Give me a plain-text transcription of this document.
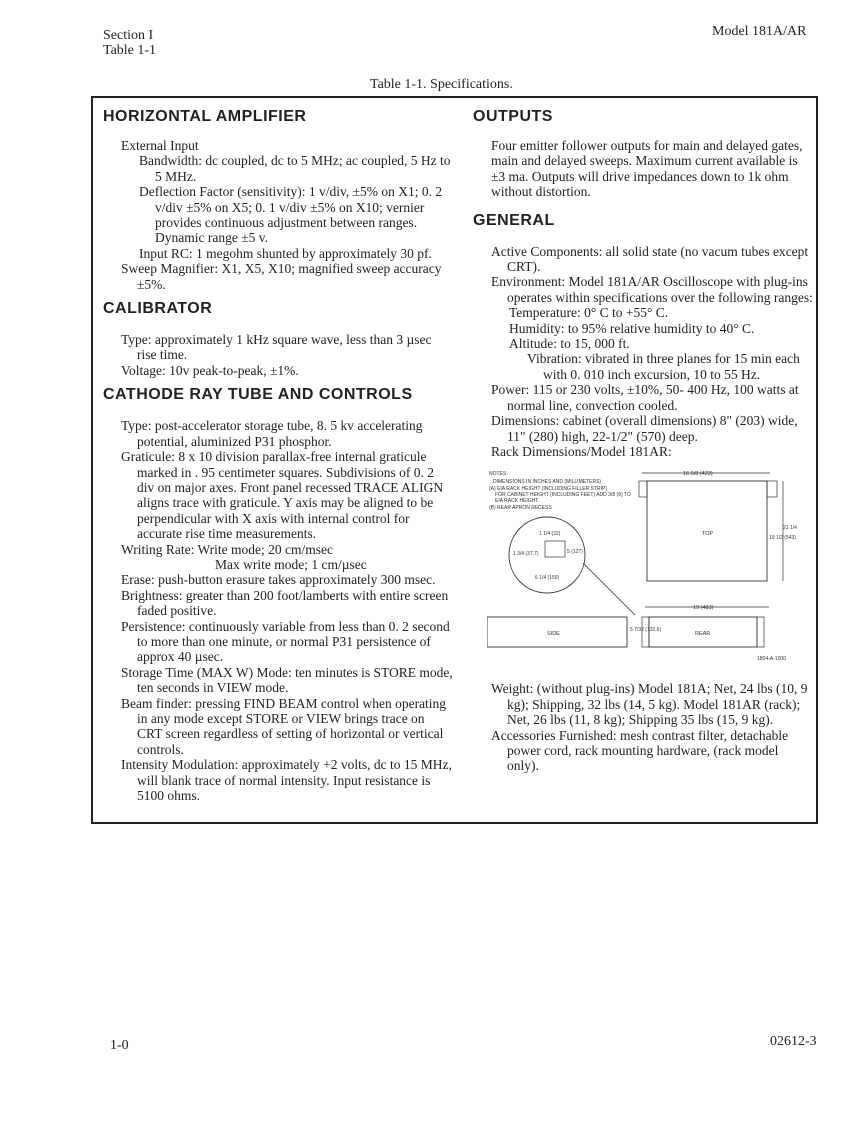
Section I
Table 1-1
Model 181A/AR
Table 1-1. Specifications.
HORIZONTAL AMPLIFIER

External Input

Bandwidth: dc coupled, dc to 5 MHz; ac coupled, 5 Hz to 5 MHz.

Deflection Factor (sensitivity): 1 v/div, ±5% on X1; 0. 2 v/div ±5% on X5; 0. 1 v/div ±5% on X10; vernier provides continuous adjustment between ranges. Dynamic range ±5 v.

Input RC: 1 megohm shunted by approximately 30 pf.

Sweep Magnifier: X1, X5, X10; magnified sweep accuracy ±5%.

CALIBRATOR

Type: approximately 1 kHz square wave, less than 3 µsec rise time.

Voltage: 10v peak-to-peak, ±1%.

CATHODE RAY TUBE AND CONTROLS

Type: post-accelerator storage tube, 8. 5 kv accelerating potential, aluminized P31 phosphor.

Graticule: 8 x 10 division parallax-free internal graticule marked in . 95 centimeter squares. Subdivisions of 0. 2 div on major axes. Front panel recessed TRACE ALIGN aligns trace with graticule. Y axis may be aligned to be perpendicular with X axis with internal control for accurate rise time measurements.

Writing Rate: Write mode; 20 cm/msec

Max write mode; 1 cm/µsec

Erase: push-button erasure takes approximately 300 msec.

Brightness: greater than 200 foot/lamberts with entire screen faded positive.

Persistence: continuously variable from less than 0. 2 second to more than one minute, or normal P31 persistence of approx 40 µsec.

Storage Time (MAX W) Mode: ten minutes is STORE mode, ten seconds in VIEW mode.

Beam finder: pressing FIND BEAM control when operating in any mode except STORE or VIEW brings trace on CRT screen regardless of setting of horizontal or vertical controls.

Intensity Modulation: approximately +2 volts, dc to 15 MHz, will blank trace of normal intensity. Input resistance is 5100 ohms.

OUTPUTS

Four emitter follower outputs for main and delayed gates, main and delayed sweeps. Maximum current available is ±3 ma. Outputs will drive impedances down to 1k ohm without distortion.

GENERAL

Active Components: all solid state (no vacum tubes except CRT).

Environment: Model 181A/AR Oscilloscope with plug-ins operates within specifications over the following ranges:

Temperature: 0° C to +55° C.

Humidity: to 95% relative humidity to 40° C.

Altitude: to 15, 000 ft.

Vibration: vibrated in three planes for 15 min each with 0. 010 inch excursion, 10 to 55 Hz.

Power: 115 or 230 volts, ±10%, 50- 400 Hz, 100 watts at normal line, convection cooled.

Dimensions: cabinet (overall dimensions) 8" (203) wide, 11" (280) high, 22-1/2" (570) deep.

Rack Dimensions/Model 181AR:

NOTES:
DIMENSIONS IN INCHES AND (MILLIMETERS)
(A) EIA RACK HEIGHT (INCLUDING FILLER STRIP)
FOR CABINET HEIGHT (INCLUDING FEET) ADD 3/8 (9) TO
EIA RACK HEIGHT
(B) REAR APRON RECESS
16 5/8 (423)
TOP
19 1/2 (543)
21 1/4
1 1/4 (32)
1 3/4 (37,7)	5 (127)
6 1/4 (159)
SIDE
5 7/32 (132,6)
19 (483)
REAR
1804-A-1000

Weight: (without plug-ins) Model 181A; Net, 24 lbs (10, 9 kg); Shipping, 32 lbs (14, 5 kg). Model 181AR (rack); Net, 26 lbs (11, 8 kg); Shipping 35 lbs (15, 9 kg).

Accessories Furnished: mesh contrast filter, detachable power cord, rack mounting hardware, (rack model only).

1-0	02612-3
